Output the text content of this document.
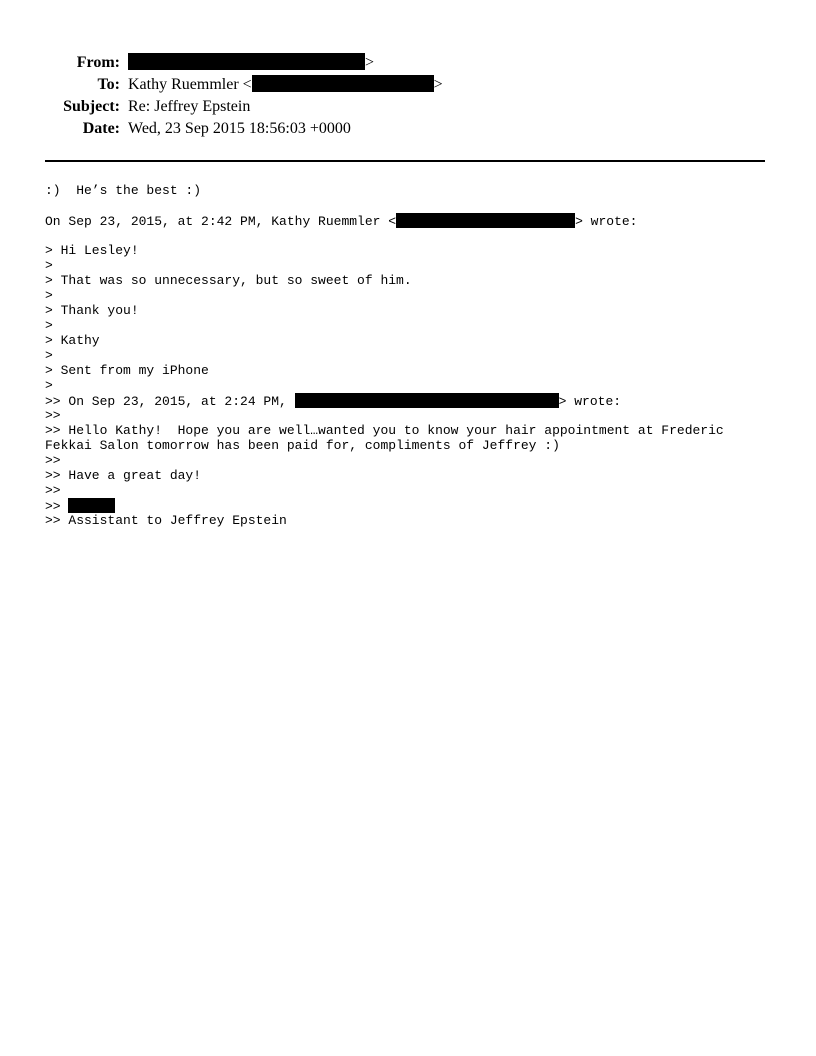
From:	>
To: Kathy Ruemmler <	>
Subject: Re: Jeffrey Epstein
Date: Wed, 23 Sep 2015 18:56:03 +0000
:)  He’s the best :)
On Sep 23, 2015, at 2:42 PM, Kathy Ruemmler <	> wrote:
> Hi Lesley!
>
> That was so unnecessary, but so sweet of him.
>
> Thank you!
>
> Kathy
>
> Sent from my iPhone
>
>> On Sep 23, 2015, at 2:24 PM,	> wrote:
>>
>> Hello Kathy!  Hope you are well…wanted you to know your hair appointment at Frederic
Fekkai Salon tomorrow has been paid for, compliments of Jeffrey :)
>>
>> Have a great day!
>>
>>
>> Assistant to Jeffrey Epstein
